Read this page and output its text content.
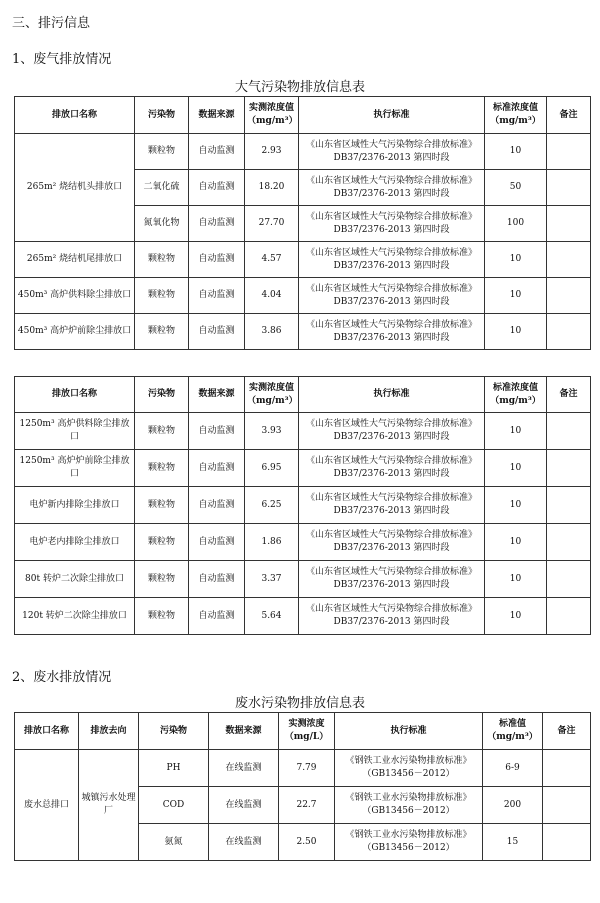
三、排污信息
1、废气排放情况
大气污染物排放信息表
排放口名称	污染物	数据来源	实测浓度值（mg/m³）	执行标准	标准浓度值（mg/m³）	备注
265m² 烧结机头排放口	颗粒物	自动监测	2.93	《山东省区域性大气污染物综合排放标准》DB37/2376-2013 第四时段	10	
	二氧化硫	自动监测	18.20	《山东省区域性大气污染物综合排放标准》DB37/2376-2013 第四时段	50	
	氮氧化物	自动监测	27.70	《山东省区域性大气污染物综合排放标准》DB37/2376-2013 第四时段	100	
265m² 烧结机尾排放口	颗粒物	自动监测	4.57	《山东省区域性大气污染物综合排放标准》DB37/2376-2013 第四时段	10	
450m³ 高炉供料除尘排放口	颗粒物	自动监测	4.04	《山东省区域性大气污染物综合排放标准》DB37/2376-2013 第四时段	10	
450m³ 高炉炉前除尘排放口	颗粒物	自动监测	3.86	《山东省区域性大气污染物综合排放标准》DB37/2376-2013 第四时段	10	
排放口名称	污染物	数据来源	实测浓度值（mg/m³）	执行标准	标准浓度值（mg/m³）	备注
1250m³ 高炉供料除尘排放口	颗粒物	自动监测	3.93	《山东省区域性大气污染物综合排放标准》DB37/2376-2013 第四时段	10	
1250m³ 高炉炉前除尘排放口	颗粒物	自动监测	6.95	《山东省区域性大气污染物综合排放标准》DB37/2376-2013 第四时段	10	
电炉新内排除尘排放口	颗粒物	自动监测	6.25	《山东省区域性大气污染物综合排放标准》DB37/2376-2013 第四时段	10	
电炉老内排除尘排放口	颗粒物	自动监测	1.86	《山东省区域性大气污染物综合排放标准》DB37/2376-2013 第四时段	10	
80t 转炉二次除尘排放口	颗粒物	自动监测	3.37	《山东省区域性大气污染物综合排放标准》DB37/2376-2013 第四时段	10	
120t 转炉二次除尘排放口	颗粒物	自动监测	5.64	《山东省区域性大气污染物综合排放标准》DB37/2376-2013 第四时段	10	
2、废水排放情况
废水污染物排放信息表
排放口名称	排放去向	污染物	数据来源	实测浓度（mg/L）	执行标准	标准值（mg/m³）	备注
废水总排口	城镇污水处理厂	PH	在线监测	7.79	《钢铁工业水污染物排放标准》（GB13456－2012）	6-9	
		COD	在线监测	22.7	《钢铁工业水污染物排放标准》（GB13456－2012）	200	
		氨氮	在线监测	2.50	《钢铁工业水污染物排放标准》（GB13456－2012）	15	
